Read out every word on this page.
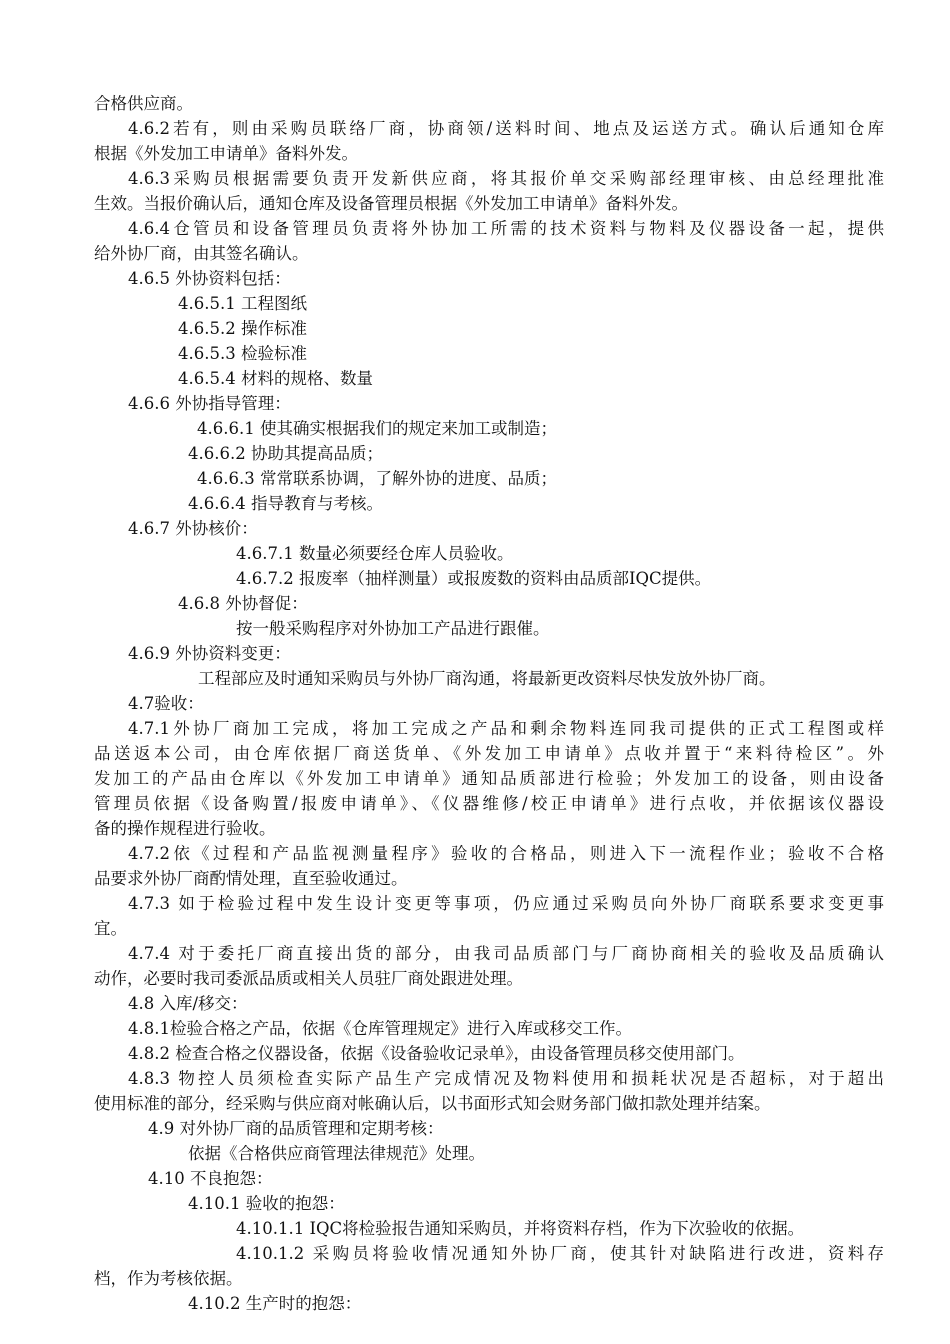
合格供应商。
4.6.2若有，则由采购员联络厂商，协商领/送料时间、地点及运送方式。确认后通知仓库
根据《外发加工申请单》备料外发。
4.6.3采购员根据需要负责开发新供应商，将其报价单交采购部经理审核、由总经理批准
生效。当报价确认后，通知仓库及设备管理员根据《外发加工申请单》备料外发。
4.6.4仓管员和设备管理员负责将外协加工所需的技术资料与物料及仪器设备一起，提供
给外协厂商，由其签名确认。
4.6.5 外协资料包括：
4.6.5.1 工程图纸
4.6.5.2 操作标准
4.6.5.3 检验标准
4.6.5.4 材料的规格、数量
4.6.6 外协指导管理：
4.6.6.1 使其确实根据我们的规定来加工或制造；
4.6.6.2 协助其提高品质；
4.6.6.3 常常联系协调，了解外协的进度、品质；
4.6.6.4 指导教育与考核。
4.6.7 外协核价：
4.6.7.1 数量必须要经仓库人员验收。
4.6.7.2 报废率（抽样测量）或报废数的资料由品质部IQC提供。
4.6.8 外协督促：
按一般采购程序对外协加工产品进行跟催。
4.6.9 外协资料变更：
工程部应及时通知采购员与外协厂商沟通，将最新更改资料尽快发放外协厂商。
4.7验收：
4.7.1外协厂商加工完成，将加工完成之产品和剩余物料连同我司提供的正式工程图或样
品送返本公司，由仓库依据厂商送货单、《外发加工申请单》点收并置于“来料待检区”。外
发加工的产品由仓库以《外发加工申请单》通知品质部进行检验；外发加工的设备，则由设备
管理员依据《设备购置/报废申请单》、《仪器维修/校正申请单》进行点收，并依据该仪器设
备的操作规程进行验收。
4.7.2依《过程和产品监视测量程序》验收的合格品，则进入下一流程作业；验收不合格
品要求外协厂商酌情处理，直至验收通过。
4.7.3 如于检验过程中发生设计变更等事项，仍应通过采购员向外协厂商联系要求变更事
宜。
4.7.4 对于委托厂商直接出货的部分，由我司品质部门与厂商协商相关的验收及品质确认
动作，必要时我司委派品质或相关人员驻厂商处跟进处理。
4.8 入库/移交：
4.8.1检验合格之产品，依据《仓库管理规定》进行入库或移交工作。
4.8.2 检查合格之仪器设备，依据《设备验收记录单》，由设备管理员移交使用部门。
4.8.3 物控人员须检查实际产品生产完成情况及物料使用和损耗状况是否超标，对于超出
使用标准的部分，经采购与供应商对帐确认后，以书面形式知会财务部门做扣款处理并结案。
4.9 对外协厂商的品质管理和定期考核：
依据《合格供应商管理法律规范》处理。
4.10 不良抱怨：
4.10.1 验收的抱怨：
4.10.1.1 IQC将检验报告通知采购员，并将资料存档，作为下次验收的依据。
4.10.1.2 采购员将验收情况通知外协厂商，使其针对缺陷进行改进，资料存
档，作为考核依据。
4.10.2 生产时的抱怨：
